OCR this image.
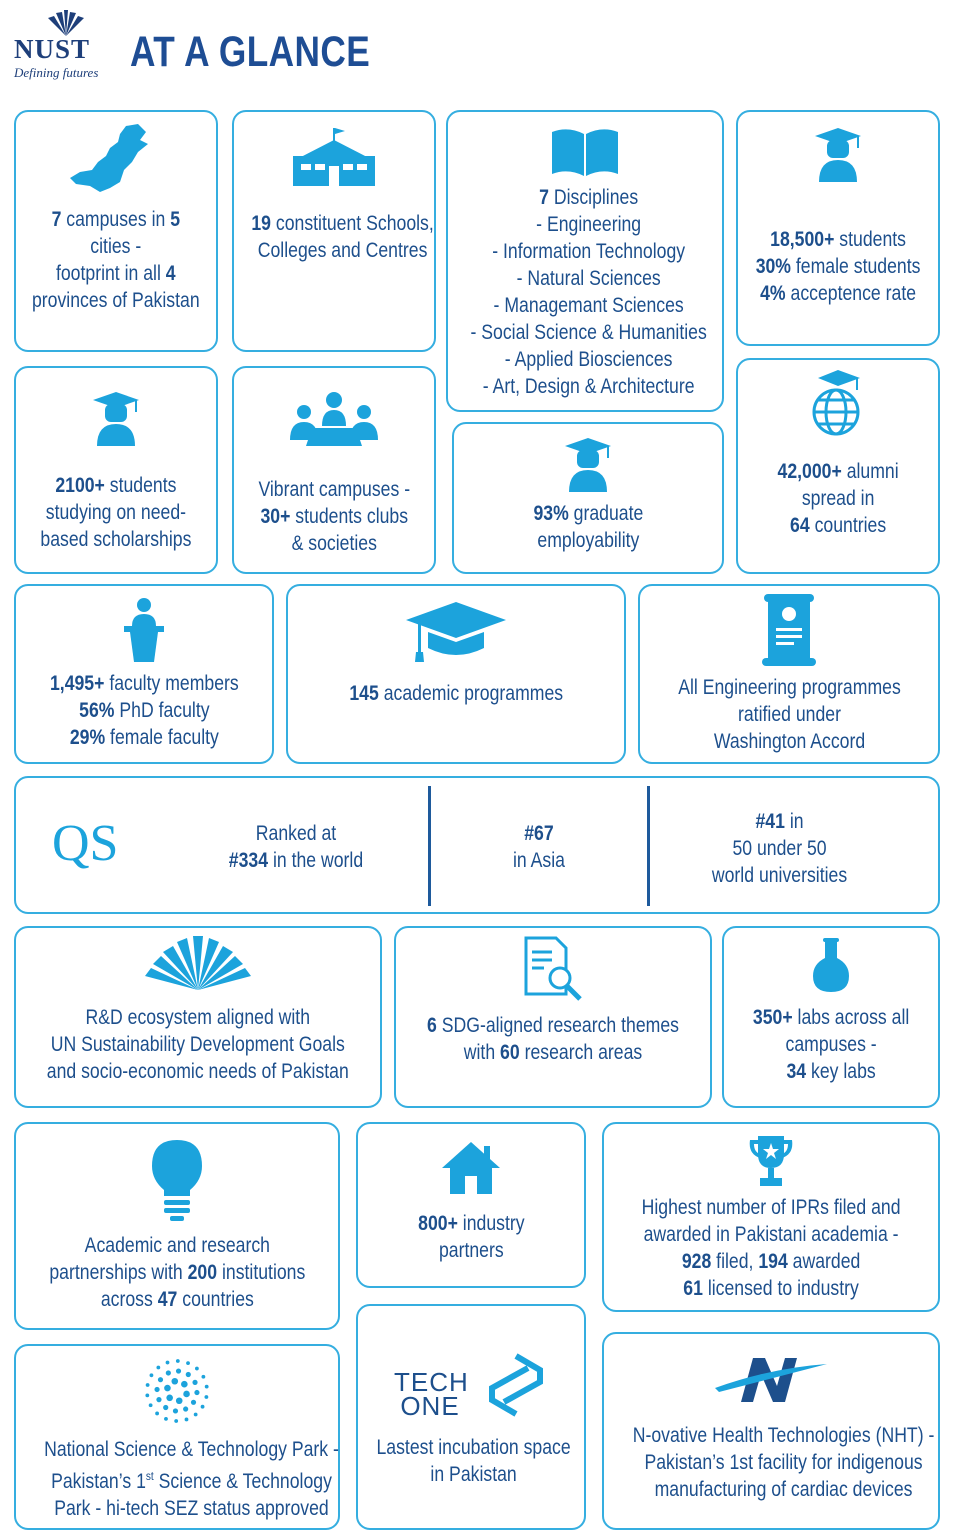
NUST
Defining futures AT A GLANCE
7 campuses in 5
cities -
footprint in all 4
provinces of Pakistan
19 constituent Schools,
Colleges and Centres
7 Disciplines
- Engineering
- Information Technology
- Natural Sciences
- Managemant Sciences
- Social Science & Humanities
- Applied Biosciences
- Art, Design & Architecture
18,500+ students
30% female students
4% acceptence rate
2100+ students
studying on need-
based scholarships
Vibrant campuses -
30+ students clubs
& societies
93% graduate
employability
42,000+ alumni
spread in
64 countries
1,495+ faculty members
56% PhD faculty
29% female faculty
145 academic programmes	All Engineering programmes
ratified under
Washington Accord
QS	Ranked at
#334 in the world
#67
in Asia
#41 in
50 under 50
world universities
R&D ecosystem aligned with
UN Sustainability Development Goals
and socio-economic needs of Pakistan
6 SDG-aligned research themes
with 60 research areas
350+ labs across all
campuses -
34 key labs
Academic and research
partnerships with 200 institutions
across 47 countries
800+ industry
partners
Highest number of IPRs filed and
awarded in Pakistani academia -
928 filed, 194 awarded
61 licensed to industry
National Science & Technology Park -
Pakistan’s 1st Science & Technology
Park - hi-tech SEZ status approved
TECH
ONE
Lastest incubation space
in Pakistan
N-ovative Health Technologies (NHT) -
Pakistan’s 1st facility for indigenous
manufacturing of cardiac devices
